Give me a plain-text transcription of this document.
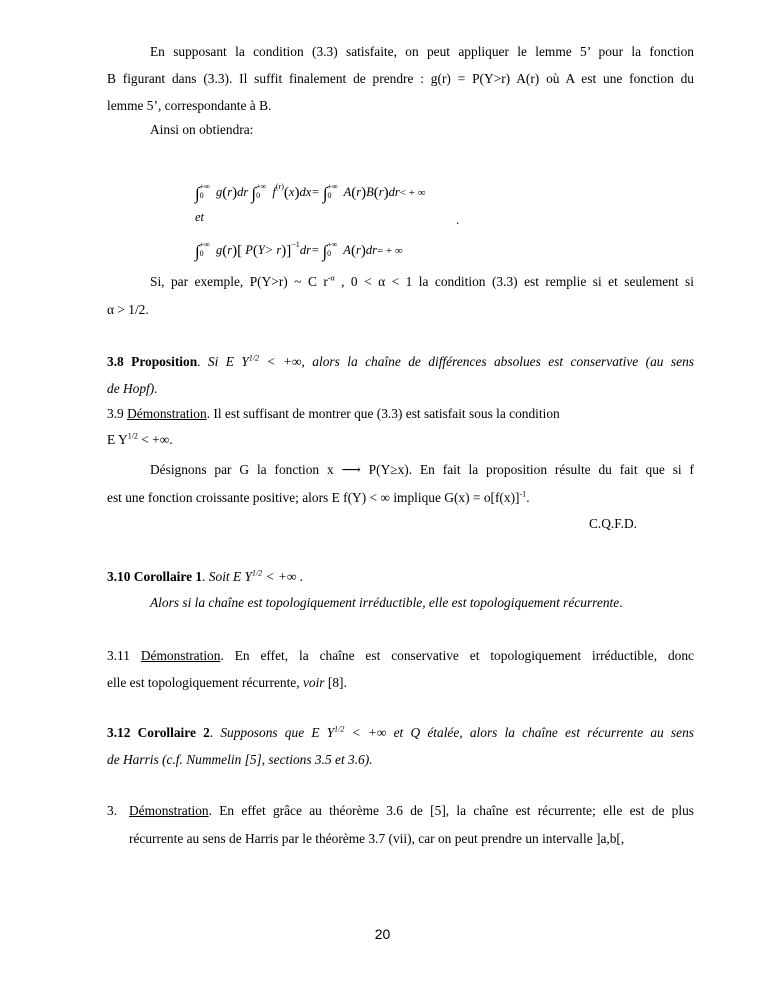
En supposant la condition (3.3) satisfaite, on peut appliquer le lemme 5’ pour la fonction

B figurant dans (3.3). Il suffit finalement de prendre : g(r) = P(Y>r) A(r) où A est une fonction du

lemme 5’, correspondante à B.

Ainsi on obtiendra:

∫ +∞
0 g(r)dr ∫ +∞
0 $f^{(r)}(x)dx=$ ∫ +∞
0 A(r)B(r)dr< + ∞
et	.
∫ +∞
0 g(r)[ P(Y> r)]$^{-1}$dr= ∫ +∞
0 A(r)dr= + ∞

Si, par exemple, P(Y>r) ~ C $r^{-\alpha}$ , 0 < α < 1 la condition (3.3) est remplie si et seulement si

α > 1/2.

3.8 Proposition. Si E $Y^{1/2}$ < +∞, alors la chaîne de différences absolues est conservative (au sens

de Hopf).

3.9 Démonstration. Il est suffisant de montrer que (3.3) est satisfait sous la condition

E $Y^{1/2}$ < +∞.

Désignons par G la fonction x ⟶ P(Y≥x). En fait la proposition résulte du fait que si f

est une fonction croissante positive; alors E f(Y) < ∞ implique $G(x) = o[f(x)]^{-1}$.

C.Q.F.D.

3.10 Corollaire 1. Soit E $Y^{1/2}$ < +∞ .

Alors si la chaîne est topologiquement irréductible, elle est topologiquement récurrente.

3.11 Démonstration. En effet, la chaîne est conservative et topologiquement irréductible, donc

elle est topologiquement récurrente, voir [8].

3.12 Corollaire 2. Supposons que E $Y^{1/2}$ < +∞ et Q étalée, alors la chaîne est récurrente au sens

de Harris (c.f. Nummelin [5], sections 3.5 et 3.6).

3. Démonstration. En effet grâce au théorème 3.6 de [5], la chaîne est récurrente; elle est de plus

récurrente au sens de Harris par le théorème 3.7 (vii), car on peut prendre un intervalle ]a,b[,

20
